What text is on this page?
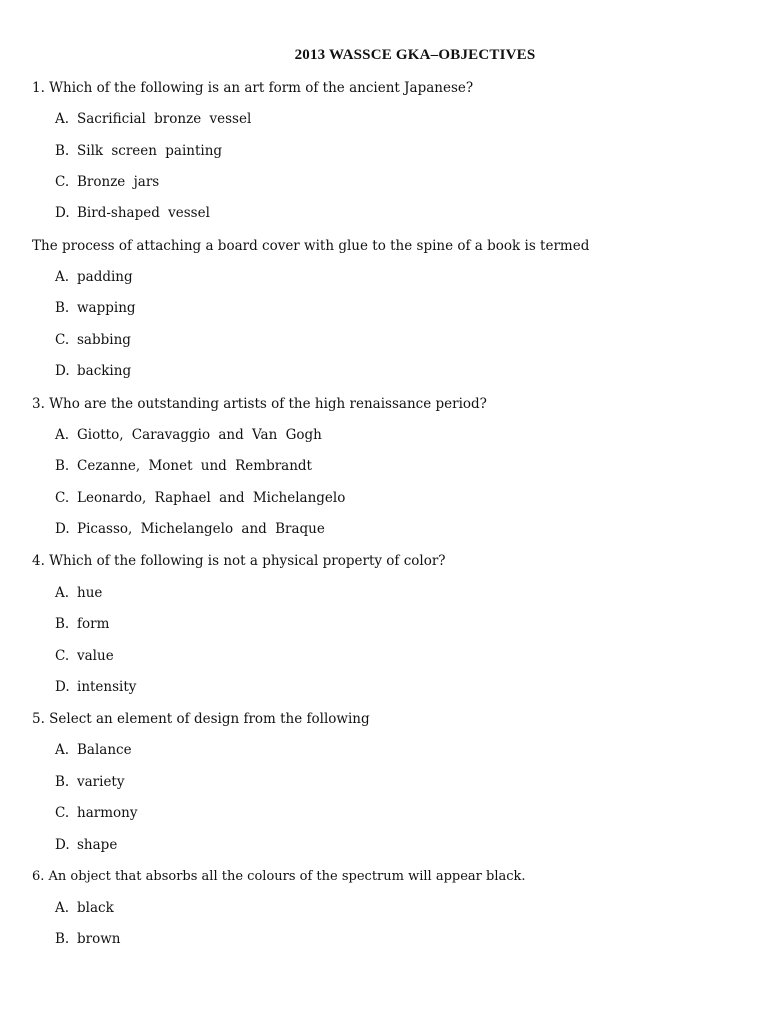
2013 WASSCE GKA–OBJECTIVES
1. Which of the following is an art form of the ancient Japanese?
A. Sacrificial bronze vessel
B. Silk screen painting
C. Bronze jars
D. Bird-shaped vessel
The process of attaching a board cover with glue to the spine of a book is termed
A. padding
B. wapping
C. sabbing
D. backing
3. Who are the outstanding artists of the high renaissance period?
A. Giotto, Caravaggio and Van Gogh
B. Cezanne, Monet und Rembrandt
C. Leonardo, Raphael and Michelangelo
D. Picasso, Michelangelo and Braque
4. Which of the following is not a physical property of color?
A. hue
B. form
C. value
D. intensity
5. Select an element of design from the following
A. Balance
B. variety
C. harmony
D. shape
6. An object that absorbs all the colours of the spectrum will appear black.
A. black
B. brown
